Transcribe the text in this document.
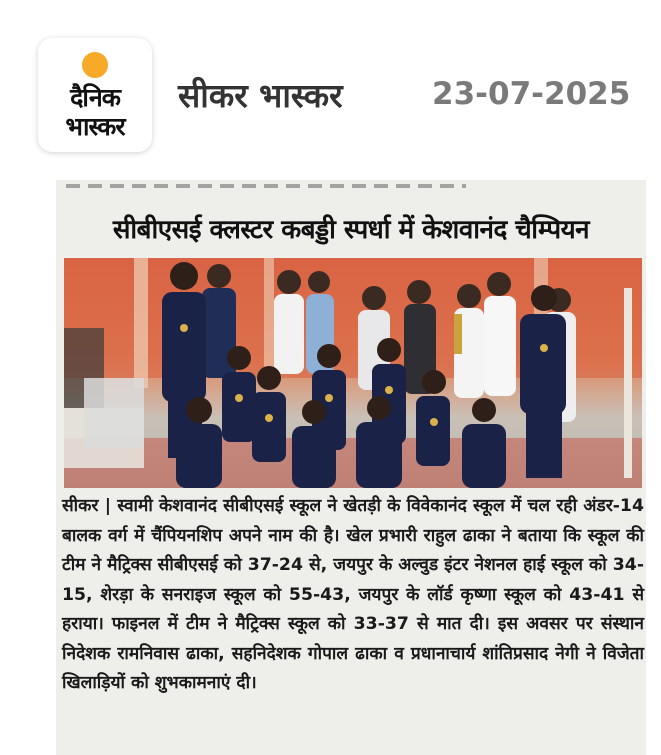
दैनिक
भास्कर
सीकर भास्कर	23-07-2025
सीबीएसई क्लस्टर कबड्डी स्पर्धा में केशवानंद चैम्पियन
सीकर | स्वामी केशवानंद सीबीएसई स्कूल ने खेतड़ी के विवेकानंद स्कूल में चल रही अंडर-14 बालक वर्ग में चैंपियनशिप अपने नाम की है। खेल प्रभारी राहुल ढाका ने बताया कि स्कूल की टीम ने मैट्रिक्स सीबीएसई को 37-24 से, जयपुर के अल्वुड इंटर नेशनल हाई स्कूल को 34-15, शेरड़ा के सनराइज स्कूल को 55-43, जयपुर के लॉर्ड कृष्णा स्कूल को 43-41 से हराया। फाइनल में टीम ने मैट्रिक्स स्कूल को 33-37 से मात दी। इस अवसर पर संस्थान निदेशक रामनिवास ढाका, सहनिदेशक गोपाल ढाका व प्रधानाचार्य शांतिप्रसाद नेगी ने विजेता खिलाड़ियों को शुभकामनाएं दी।
